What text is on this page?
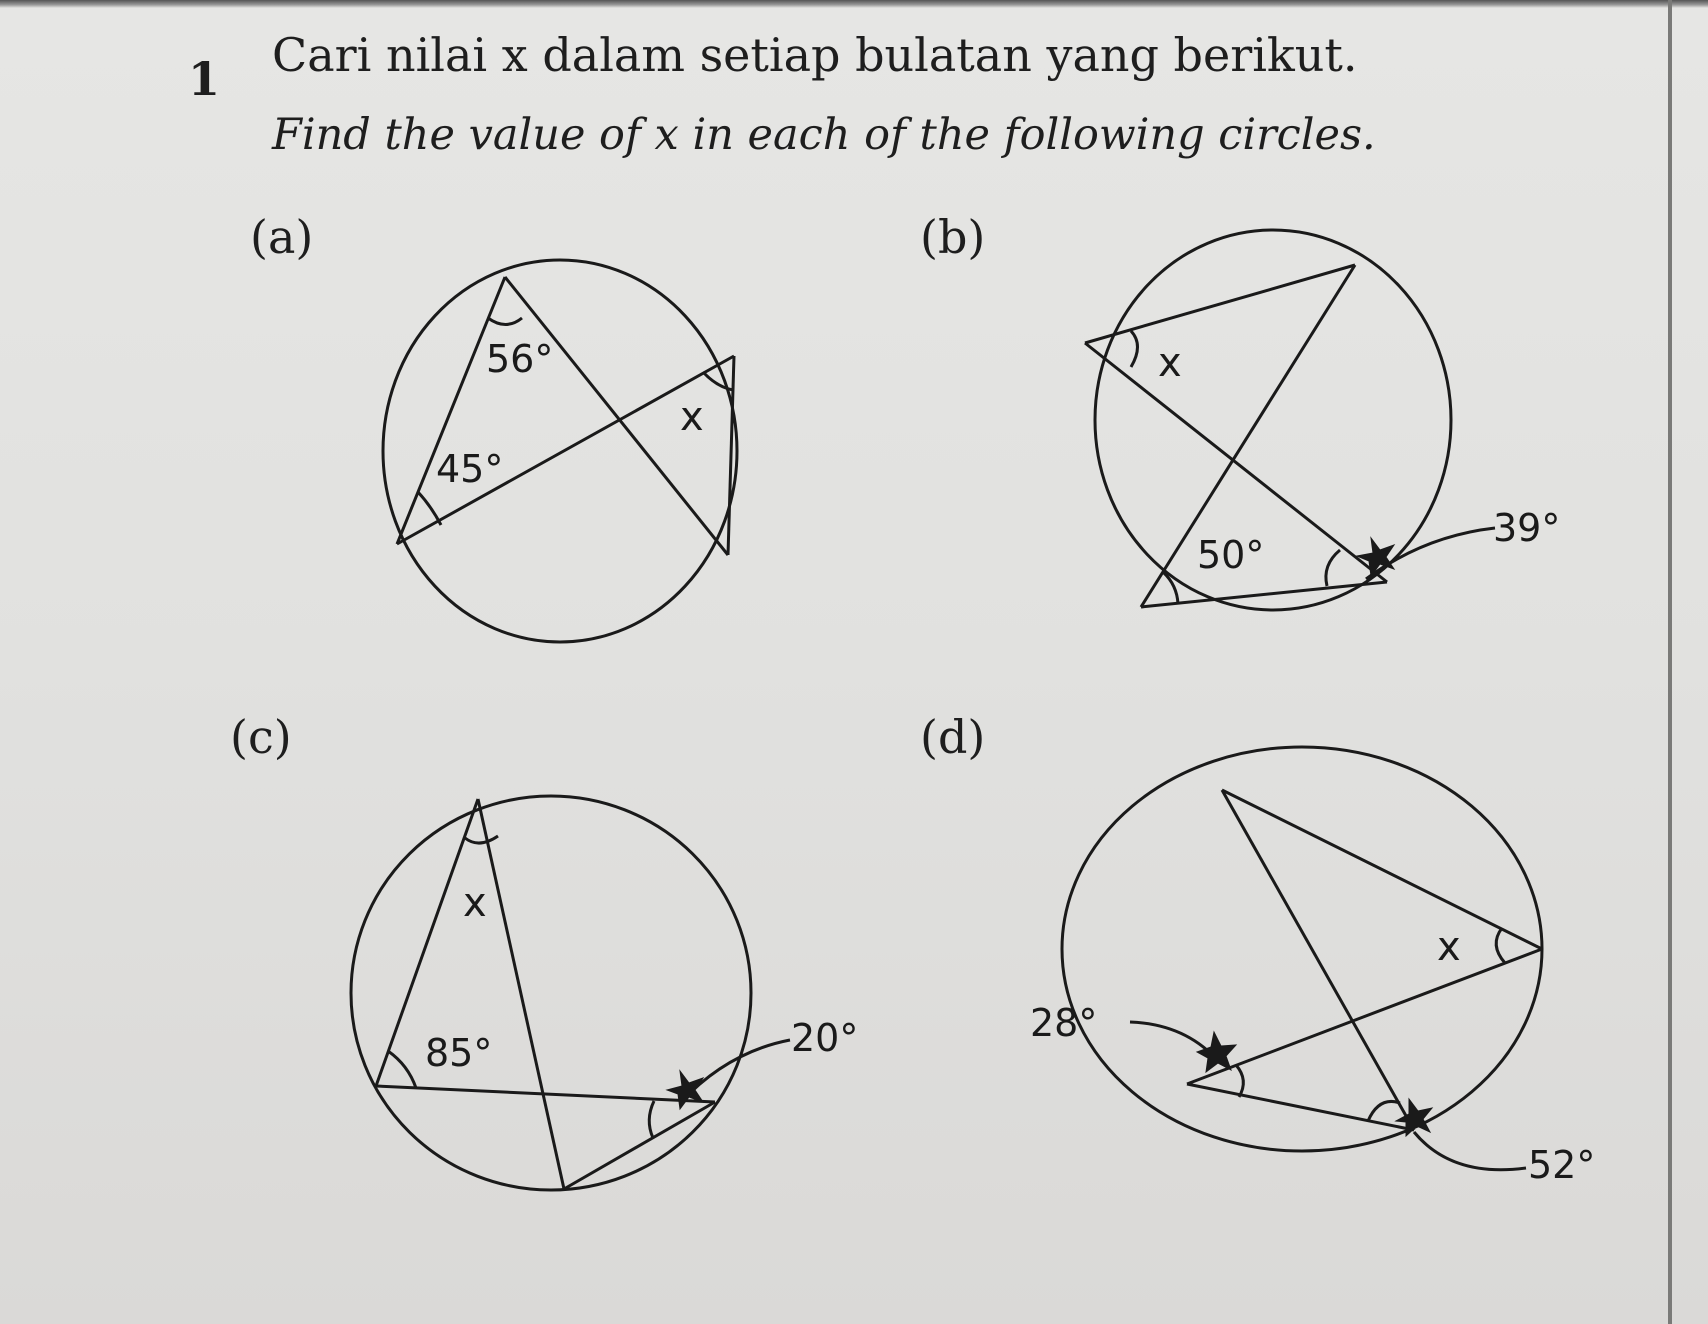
1 Cari nilai x dalam setiap bulatan yang berikut.
Find the value of x in each of the following circles.
(a)	(b)
(c)	(d)
56°
45°
x
x
50°
39°
x
85°	20°
x
28°
52°
